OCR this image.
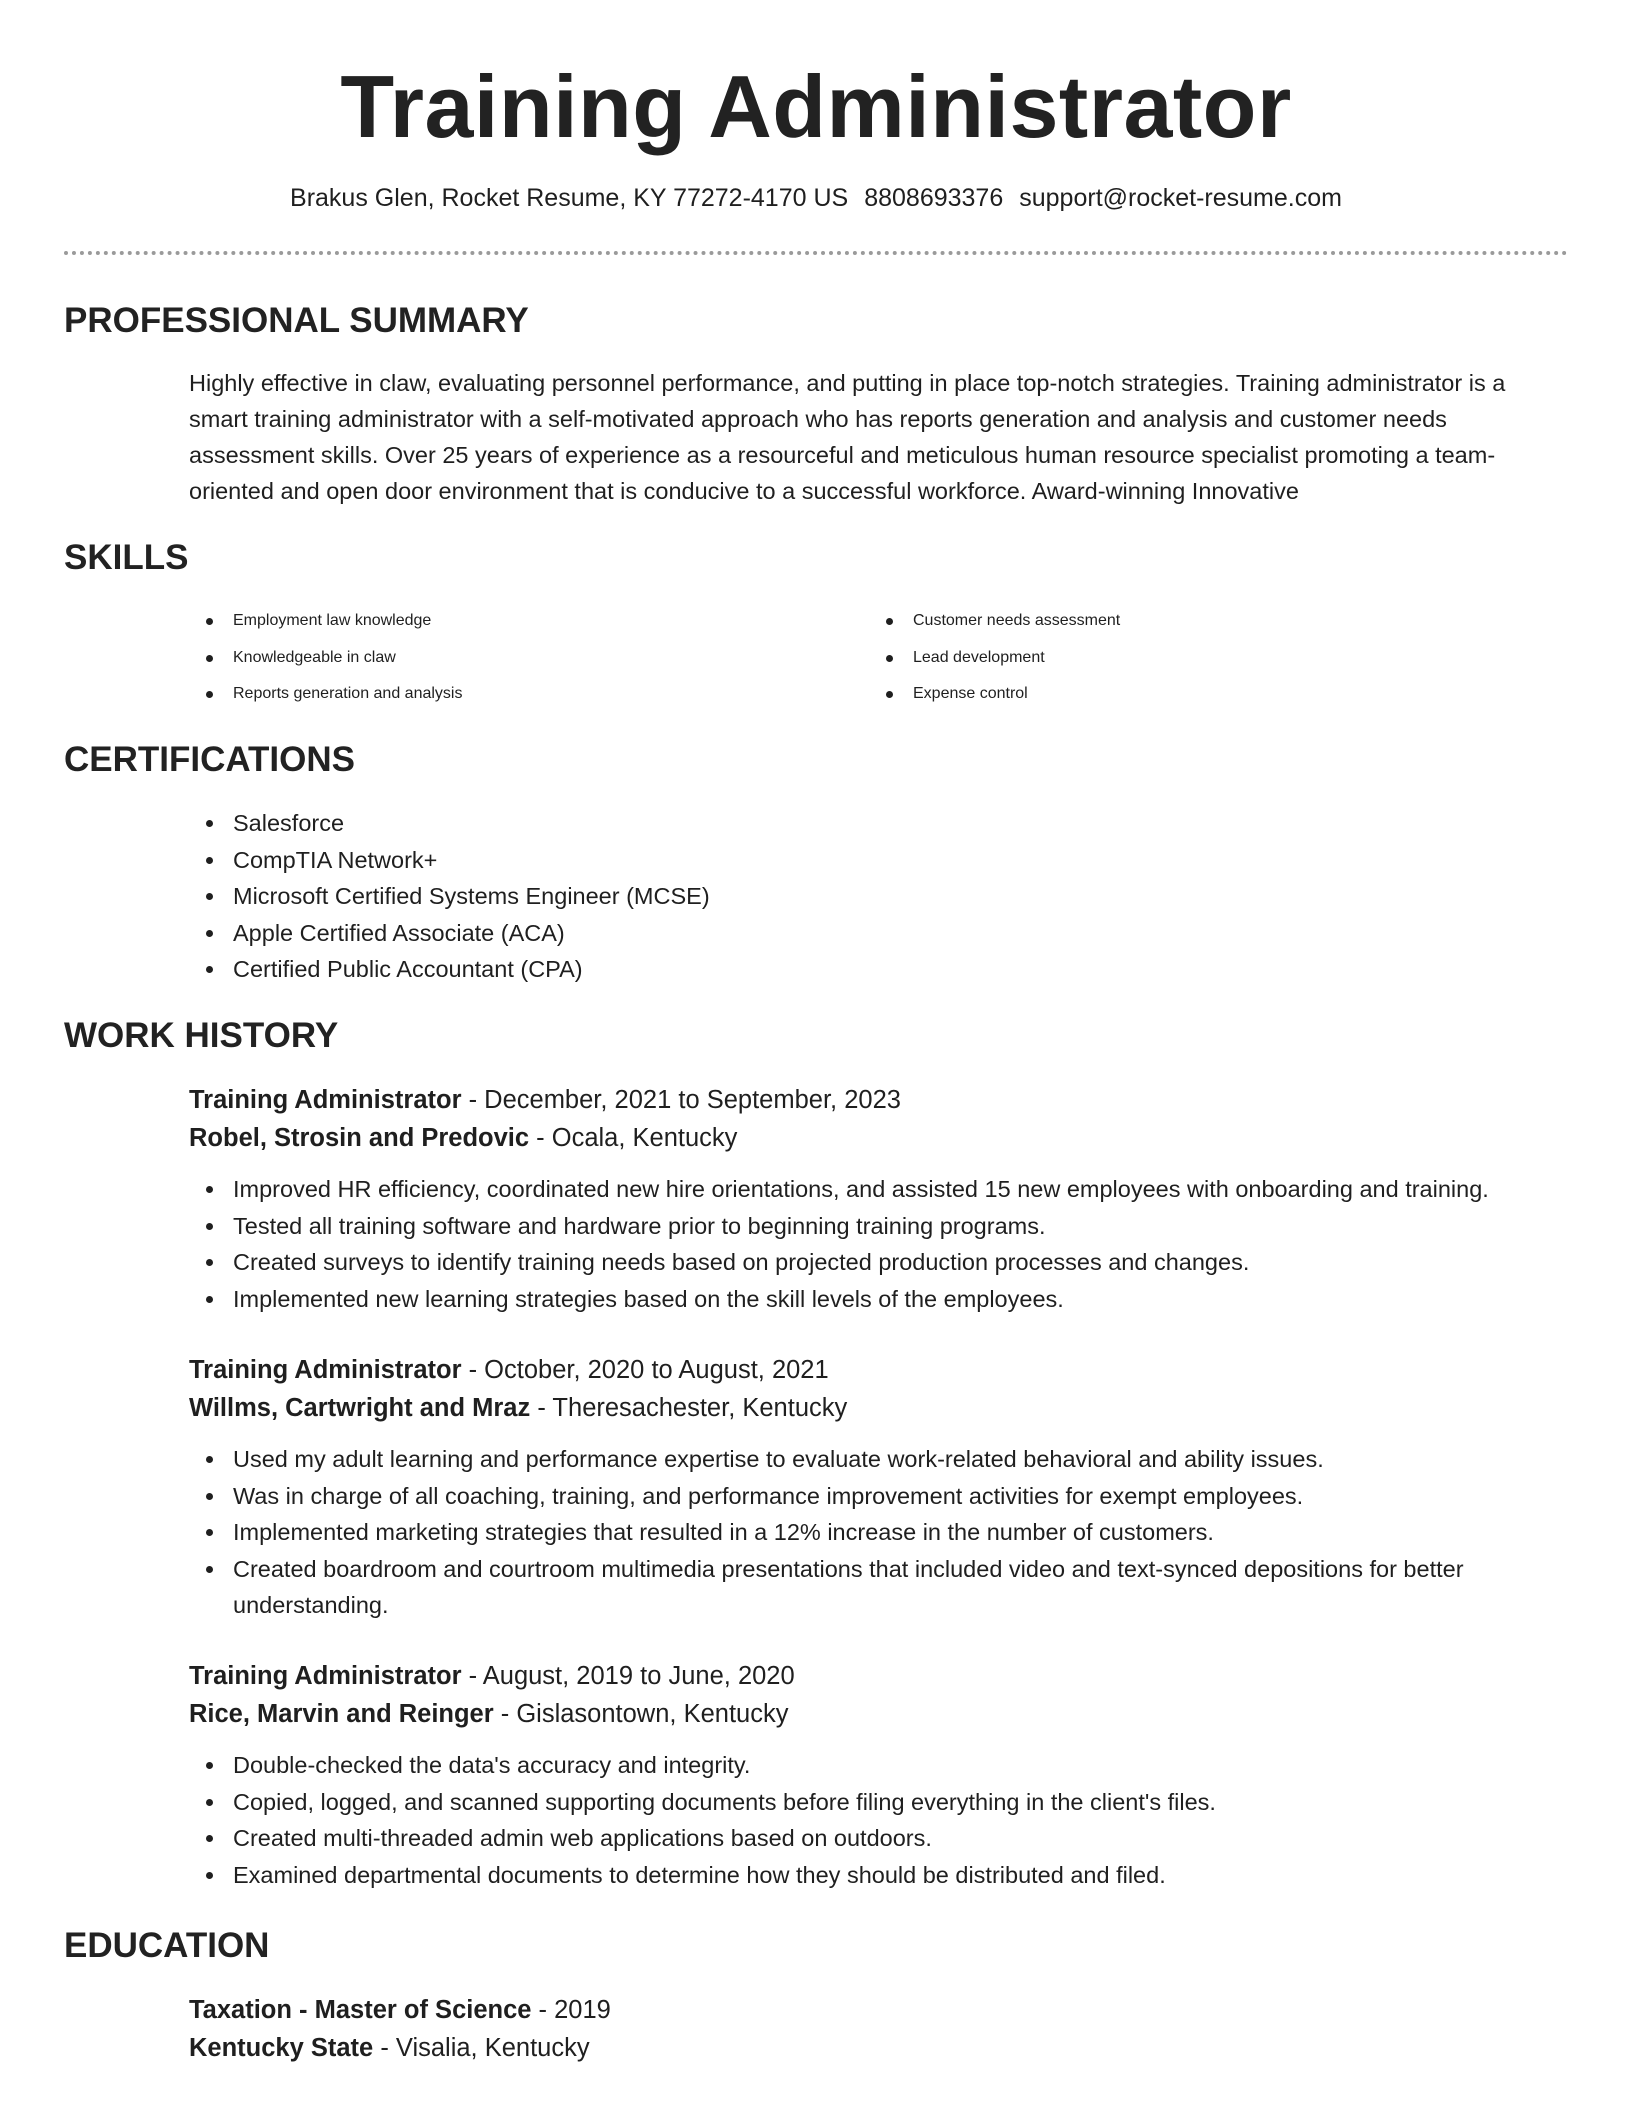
Training Administrator
Brakus Glen, Rocket Resume, KY 77272-4170 US 8808693376 support@rocket-resume.com
PROFESSIONAL SUMMARY
Highly effective in claw, evaluating personnel performance, and putting in place top-notch strategies. Training administrator is a smart training administrator with a self-motivated approach who has reports generation and analysis and customer needs assessment skills. Over 25 years of experience as a resourceful and meticulous human resource specialist promoting a team-oriented and open door environment that is conducive to a successful workforce. Award-winning Innovative
SKILLS
Employment law knowledge
Knowledgeable in claw
Reports generation and analysis
Customer needs assessment
Lead development
Expense control
CERTIFICATIONS
Salesforce
CompTIA Network+
Microsoft Certified Systems Engineer (MCSE)
Apple Certified Associate (ACA)
Certified Public Accountant (CPA)
WORK HISTORY
Training Administrator - December, 2021 to September, 2023
Robel, Strosin and Predovic - Ocala, Kentucky
Improved HR efficiency, coordinated new hire orientations, and assisted 15 new employees with onboarding and training.
Tested all training software and hardware prior to beginning training programs.
Created surveys to identify training needs based on projected production processes and changes.
Implemented new learning strategies based on the skill levels of the employees.
Training Administrator - October, 2020 to August, 2021
Willms, Cartwright and Mraz - Theresachester, Kentucky
Used my adult learning and performance expertise to evaluate work-related behavioral and ability issues.
Was in charge of all coaching, training, and performance improvement activities for exempt employees.
Implemented marketing strategies that resulted in a 12% increase in the number of customers.
Created boardroom and courtroom multimedia presentations that included video and text-synced depositions for better understanding.
Training Administrator - August, 2019 to June, 2020
Rice, Marvin and Reinger - Gislasontown, Kentucky
Double-checked the data's accuracy and integrity.
Copied, logged, and scanned supporting documents before filing everything in the client's files.
Created multi-threaded admin web applications based on outdoors.
Examined departmental documents to determine how they should be distributed and filed.
EDUCATION
Taxation - Master of Science - 2019
Kentucky State - Visalia, Kentucky
